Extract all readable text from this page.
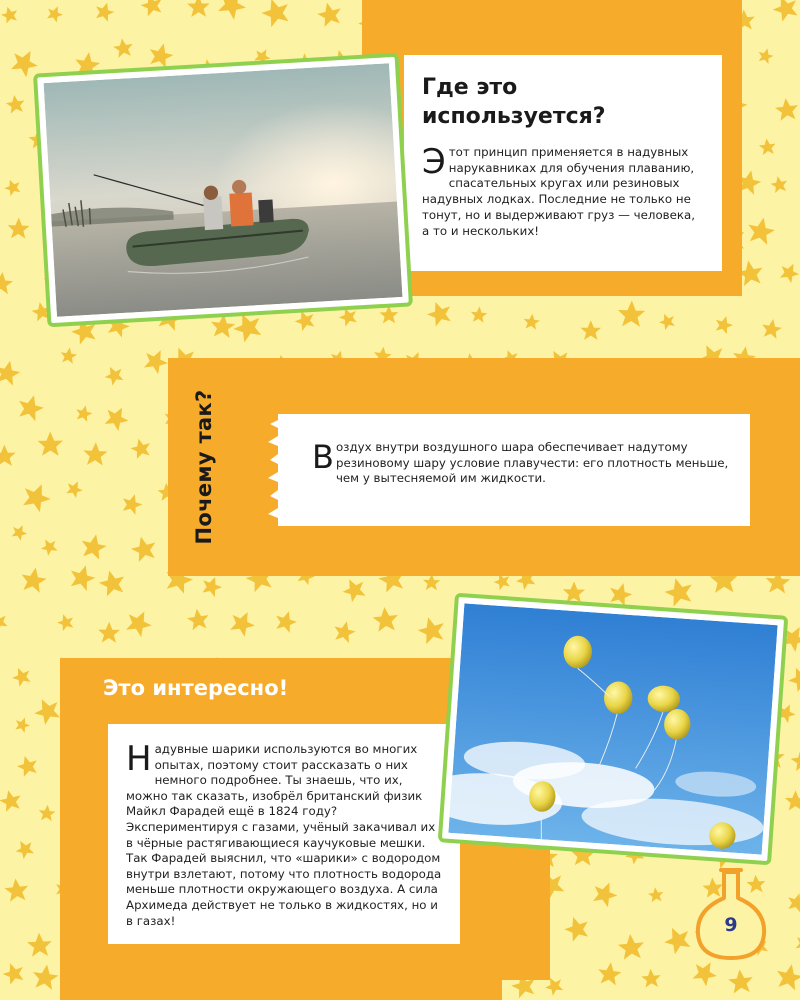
Где это
используется?

Этот принцип применяется в надувных нарукавниках для обучения плаванию, спасательных кругах или резиновых надувных лодках. Последние не только не тонут, но и выдерживают груз — человека, а то и нескольких!

Почему так?	Воздух внутри воздушного шара обеспечивает надутому резиновому шару условие плавучести: его плотность меньше, чем у вытесняемой им жидкости.

Это интересно!

Надувные шарики используются во многих опытах, поэтому стоит рассказать о них немного подробнее. Ты знаешь, что их, можно так сказать, изобрёл британский физик Майкл Фарадей ещё в 1824 году? Экспериментируя с газами, учёный закачивал их в чёрные растягивающиеся каучуковые мешки. Так Фарадей выяснил, что «шарики» с водородом внутри взлетают, потому что плотность водорода меньше плотности окружающего воздуха. А сила Архимеда действует не только в жидкостях, но и в газах!	9
